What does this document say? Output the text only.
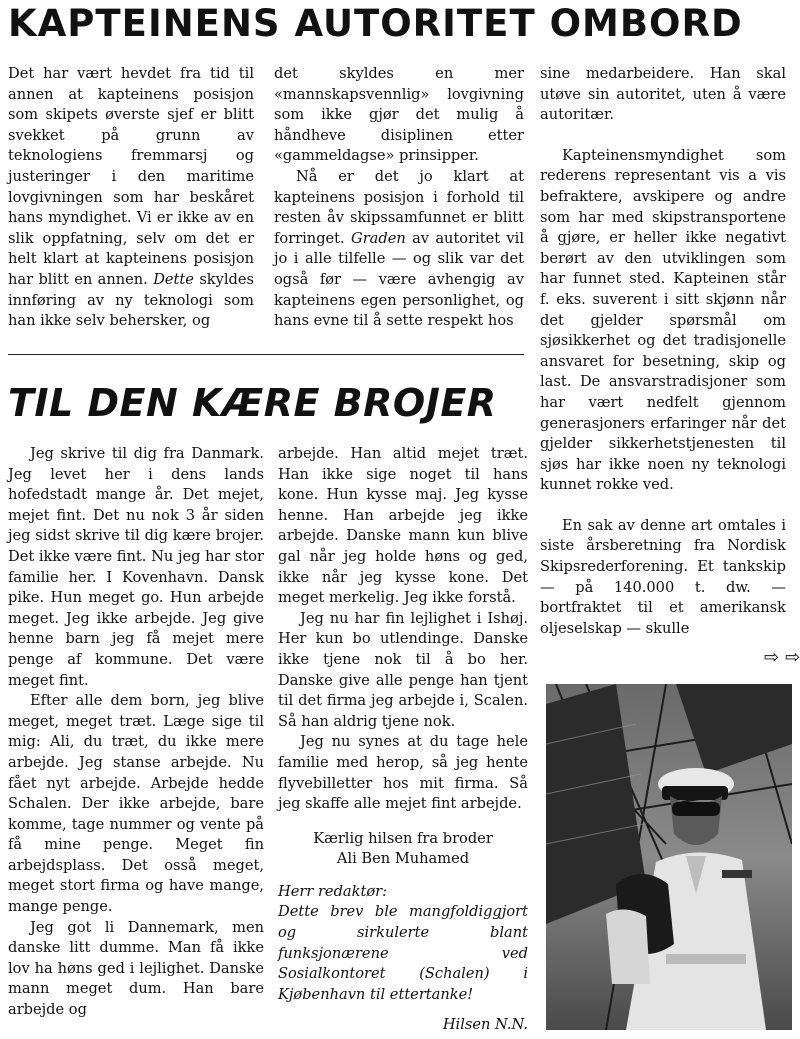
KAPTEINENS AUTORITET OMBORD

Det har vært hevdet fra tid til annen at kapteinens posisjon som skipets øverste sjef er blitt svekket på grunn av teknologiens fremmarsj og justeringer i den maritime lovgivningen som har beskåret hans myndighet. Vi er ikke av en slik oppfatning, selv om det er helt klart at kapteinens posisjon har blitt en annen. Dette skyldes innføring av ny teknologi som han ikke selv behersker, og

det skyldes en mer «mannskapsvennlig» lovgivning som ikke gjør det mulig å håndheve disiplinen etter «gammeldagse» prinsipper.

Nå er det jo klart at kapteinens posisjon i forhold til resten åv skipssamfunnet er blitt forringet. Graden av autoritet vil jo i alle tilfelle — og slik var det også før — være avhengig av kapteinens egen personlighet, og hans evne til å sette respekt hos

sine medarbeidere. Han skal utøve sin autoritet, uten å være autoritær.

Kapteinensmyndighet som rederens representant vis a vis befraktere, avskipere og andre som har med skipstransportene å gjøre, er heller ikke negativt berørt av den utviklingen som har funnet sted. Kapteinen står f. eks. suverent i sitt skjønn når det gjelder spørsmål om sjøsikkerhet og det tradisjonelle ansvaret for besetning, skip og last. De ansvarstradisjoner som har vært nedfelt gjennom generasjoners erfaringer når det gjelder sikkerhetstjenesten til sjøs har ikke noen ny teknologi kunnet rokke ved.

En sak av denne art omtales i siste årsberetning fra Nordisk Skipsrederforening. Et tankskip — på 140.000 t. dw. — bortfraktet til et amerikansk oljeselskap — skulle

⇨ ⇨
TIL DEN KÆRE BROJER

Jeg skrive til dig fra Danmark. Jeg levet her i dens lands hofedstadt mange år. Det mejet, mejet fint. Det nu nok 3 år siden jeg sidst skrive til dig kære brojer. Det ikke være fint. Nu jeg har stor familie her. I Kovenhavn. Dansk pike. Hun meget go. Hun arbejde meget. Jeg ikke arbejde. Jeg give henne barn jeg få mejet mere penge af kommune. Det være meget fint.

Efter alle dem born, jeg blive meget, meget træt. Læge sige til mig: Ali, du træt, du ikke mere arbejde. Jeg stanse arbejde. Nu fået nyt arbejde. Arbejde hedde Schalen. Der ikke arbejde, bare komme, tage nummer og vente på få mine penge. Meget fin arbejdsplass. Det osså meget, meget stort firma og have mange, mange penge.

Jeg got li Dannemark, men danske litt dumme. Man få ikke lov ha høns ged i lejlighet. Danske mann meget dum. Han bare arbejde og

arbejde. Han altid mejet træt. Han ikke sige noget til hans kone. Hun kysse maj. Jeg kysse henne. Han arbejde jeg ikke arbejde. Danske mann kun blive gal når jeg holde høns og ged, ikke når jeg kysse kone. Det meget merkelig. Jeg ikke forstå.

Jeg nu har fin lejlighet i Ishøj. Her kun bo utlendinge. Danske ikke tjene nok til å bo her. Danske give alle penge han tjent til det firma jeg arbejde i, Scalen. Så han aldrig tjene nok.

Jeg nu synes at du tage hele familie med herop, så jeg hente flyvebilletter hos mit firma. Så jeg skaffe alle mejet fint arbejde.

Kærlig hilsen fra broder

Ali Ben Muhamed

Herr redaktør:

Dette brev ble mangfoldiggjort og sirkulerte blant funksjonærene ved Sosialkontoret (Schalen) i Kjøbenhavn til ettertanke!

Hilsen N.N.
